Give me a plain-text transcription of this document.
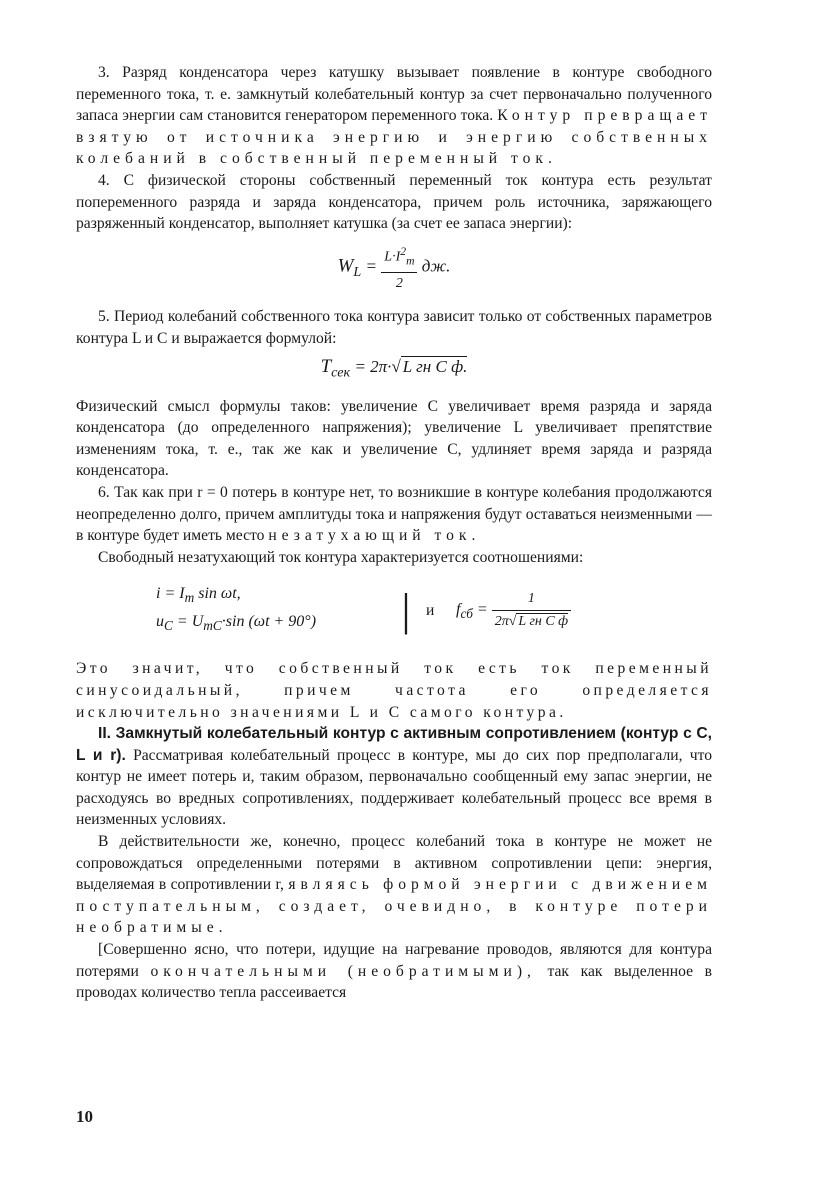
3. Разряд конденсатора через катушку вызывает появление в контуре свободного переменного тока, т. е. замкнутый колебательный контур за счет первоначально полученного запаса энергии сам становится генератором переменного тока. Контур превращает взятую от источника энергию и энергию собственных колебаний в собственный переменный ток.

4. С физической стороны собственный переменный ток контура есть результат попеременного разряда и заряда конденсатора, причем роль источника, заряжающего разряженный конденсатор, выполняет катушка (за счет ее запаса энергии):

$W_L = \frac{L\cdot I^2_m}{2}$ дж.

5. Период колебаний собственного тока контура зависит только от собственных параметров контура L и C и выражается формулой:

$T_{сек} = 2\pi\cdot√$ L гн C ф.

Физический смысл формулы таков: увеличение C увеличивает время разряда и заряда конденсатора (до определенного напряжения); увеличение L увеличивает препятствие изменениям тока, т. е., так же как и увеличение C, удлиняет время заряда и разряда конденсатора.

6. Так как при r = 0 потерь в контуре нет, то возникшие в контуре колебания продолжаются неопределенно долго, причем амплитуды тока и напряжения будут оставаться неизменными — в контуре будет иметь место незатухающий ток.

Свободный незатухающий ток контура характеризуется соотношениями:

$i = I_m$ sin ωt,
$u_C = U_{mC}\cdot\sin$ (ωt + 90°)	| и	$f_{сб} = \frac{1}{\text{2π√ L гн C ф}}$

Это значит, что собственный ток есть ток переменный синусоидальный, причем частота его определяется исключительно значениями L и C самого контура.

II. Замкнутый колебательный контур с активным сопротивлением (контур с C, L и r). Рассматривая колебательный процесс в контуре, мы до сих пор предполагали, что контур не имеет потерь и, таким образом, первоначально сообщенный ему запас энергии, не расходуясь во вредных сопротивлениях, поддерживает колебательный процесс все время в неизменных условиях.

В действительности же, конечно, процесс колебаний тока в контуре не может не сопровождаться определенными потерями в активном сопротивлении цепи: энергия, выделяемая в сопротивлении r, являясь формой энергии с движением поступательным, создает, очевидно, в контуре потери необратимые.

[Совершенно ясно, что потери, идущие на нагревание проводов, являются для контура потерями окончательными (необратимыми), так как выделенное в проводах количество тепла рассеивается

10
